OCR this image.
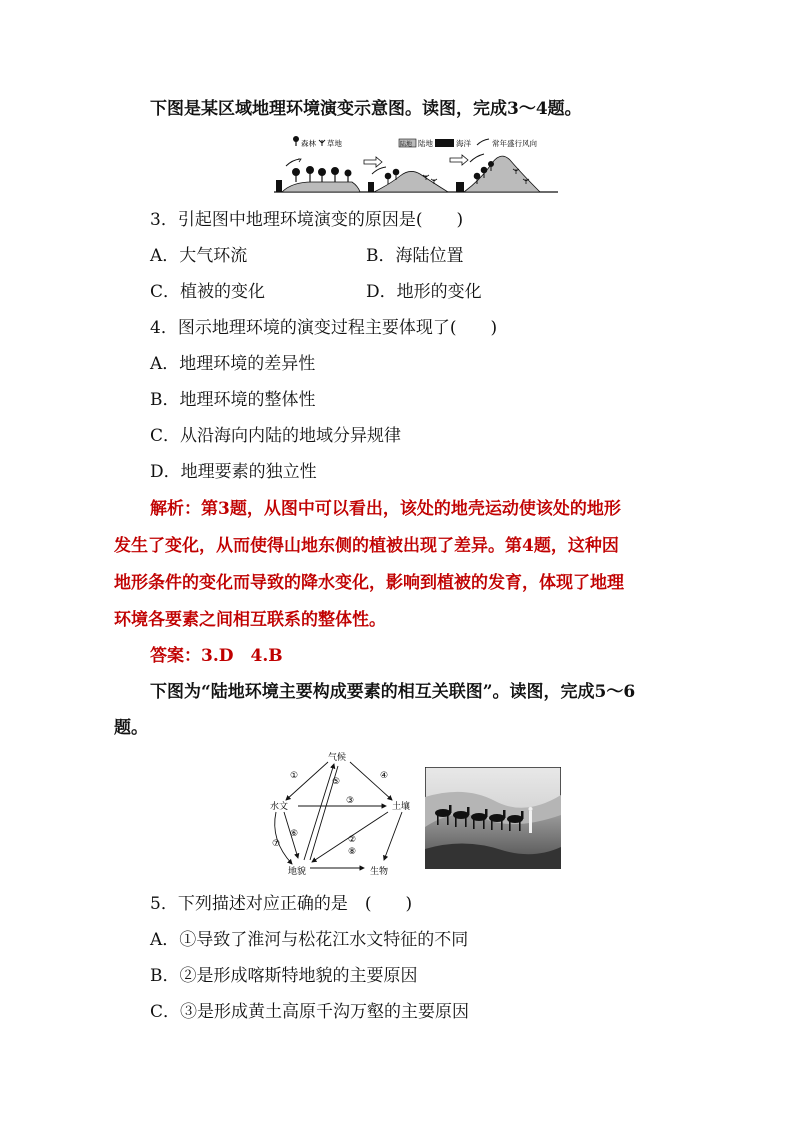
下图是某区域地理环境演变示意图。读图，完成3～4题。
森林 草地	陆地 陆地	海洋	常年盛行风向
3．引起图中地理环境演变的原因是(　　)
A．大气环流	B．海陆位置
C．植被的变化	D．地形的变化
4．图示地理环境的演变过程主要体现了(　　)
A．地理环境的差异性
B．地理环境的整体性
C．从沿海向内陆的地域分异规律
D．地理要素的独立性
解析：第3题，从图中可以看出，该处的地壳运动使该处的地形
发生了变化，从而使得山地东侧的植被出现了差异。第4题，这种因
地形条件的变化而导致的降水变化，影响到植被的发育，体现了地理
环境各要素之间相互联系的整体性。
答案：3.D　4.B
下图为“陆地环境主要构成要素的相互关联图”。读图，完成5～6
题。
气候
水文	土壤
地貌	生物
①
②
③
④
⑤
⑥
⑦
⑧
5．下列描述对应正确的是　(　　)
A．①导致了淮河与松花江水文特征的不同
B．②是形成喀斯特地貌的主要原因
C．③是形成黄土高原千沟万壑的主要原因
